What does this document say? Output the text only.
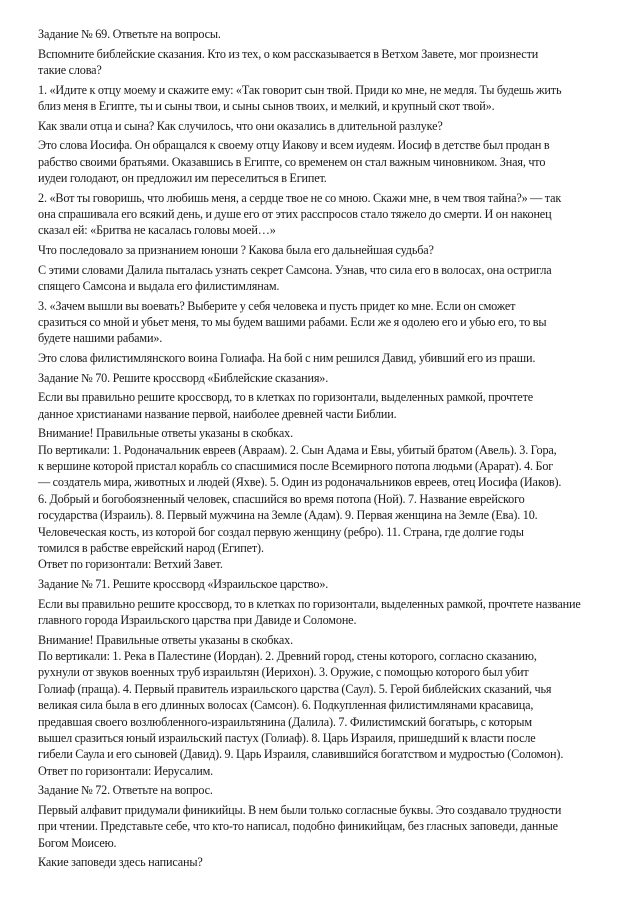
Задание № 69. Ответьте на вопросы.
Вспомните библейские сказания. Кто из тех, о ком рассказывается в Ветхом Завете, мог произнести
такие слова?
1. «Идите к отцу моему и скажите ему: «Так говорит сын твой. Приди ко мне, не медля. Ты будешь жить
близ меня в Египте, ты и сыны твои, и сыны сынов твоих, и мелкий, и крупный скот твой».
Как звали отца и сына? Как случилось, что они оказались в длительной разлуке?
Это слова Иосифа. Он обращался к своему отцу Иакову и всем иудеям. Иосиф в детстве был продан в
рабство своими братьями. Оказавшись в Египте, со временем он стал важным чиновником. Зная, что
иудеи голодают, он предложил им переселиться в Египет.
2. «Вот ты говоришь, что любишь меня, а сердце твое не со мною. Скажи мне, в чем твоя тайна?» — так
она спрашивала его всякий день, и душе его от этих расспросов стало тяжело до смерти. И он наконец
сказал ей: «Бритва не касалась головы моей…»
Что последовало за признанием юноши ? Какова была его дальнейшая судьба?
С этими словами Далила пыталась узнать секрет Самсона. Узнав, что сила его в волосах, она остригла
спящего Самсона и выдала его филистимлянам.
3. «Зачем вышли вы воевать? Выберите у себя человека и пусть придет ко мне. Если он сможет
сразиться со мной и убьет меня, то мы будем вашими рабами. Если же я одолею его и убью его, то вы
будете нашими рабами».
Это слова филистимлянского воина Голиафа. На бой с ним решился Давид, убивший его из праши.
Задание № 70. Решите кроссворд «Библейские сказания».
Если вы правильно решите кроссворд, то в клетках по горизонтали, выделенных рамкой, прочтете
данное христианами название первой, наиболее древней части Библии.
Внимание! Правильные ответы указаны в скобках.
По вертикали: 1. Родоначальник евреев (Авраам). 2. Сын Адама и Евы, убитый братом (Авель). 3. Гора,
к вершине которой пристал корабль со спасшимися после Всемирного потопа людьми (Арарат). 4. Бог
— создатель мира, животных и людей (Яхве). 5. Один из родоначальников евреев, отец Иосифа (Иаков).
6. Добрый и богобоязненный человек, спасшийся во время потопа (Ной). 7. Название еврейского
государства (Израиль). 8. Первый мужчина на Земле (Адам). 9. Первая женщина на Земле (Ева). 10.
Человеческая кость, из которой бог создал первую женщину (ребро). 11. Страна, где долгие годы
томился в рабстве еврейский народ (Египет).
Ответ по горизонтали: Ветхий Завет.
Задание № 71. Решите кроссворд «Израильское царство».
Если вы правильно решите кроссворд, то в клетках по горизонтали, выделенных рамкой, прочтете название
главного города Израильского царства при Давиде и Соломоне.
Внимание! Правильные ответы указаны в скобках.
По вертикали: 1. Река в Палестине (Иордан). 2. Древний город, стены которого, согласно сказанию,
рухнули от звуков военных труб израильтян (Иерихон). 3. Оружие, с помощью которого был убит
Голиаф (праща). 4. Первый правитель израильского царства (Саул). 5. Герой библейских сказаний, чья
великая сила была в его длинных волосах (Самсон). 6. Подкупленная филистимлянами красавица,
предавшая своего возлюбленного-израильтянина (Далила). 7. Филистимский богатырь, с которым
вышел сразиться юный израильский пастух (Голиаф). 8. Царь Израиля, пришедший к власти после
гибели Саула и его сыновей (Давид). 9. Царь Израиля, славившийся богатством и мудростью (Соломон).
Ответ по горизонтали: Иерусалим.
Задание № 72. Ответьте на вопрос.
Первый алфавит придумали финикийцы. В нем были только согласные буквы. Это создавало трудности
при чтении. Представьте себе, что кто-то написал, подобно финикийцам, без гласных заповеди, данные
Богом Моисею.
Какие заповеди здесь написаны?
